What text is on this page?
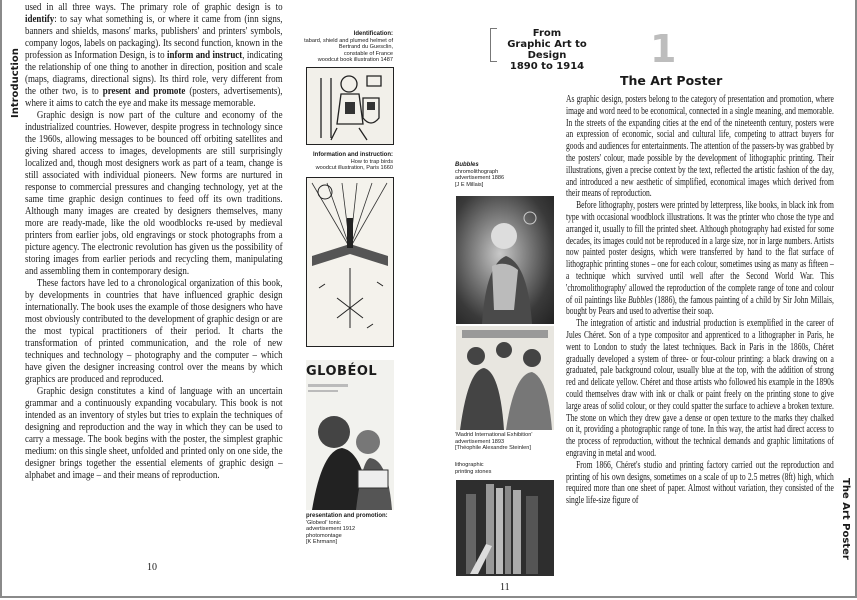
Introduction

used in all three ways. The primary role of graphic design is to identify: to say what something is, or where it came from (inn signs, banners and shields, masons' marks, publishers' and printers' symbols, company logos, labels on packaging). Its second function, known in the profession as Information Design, is to inform and instruct, indicating the relationship of one thing to another in direction, position and scale (maps, diagrams, directional signs). Its third role, very different from the other two, is to present and promote (posters, advertisements), where it aims to catch the eye and make its message memorable.

Graphic design is now part of the culture and economy of the industrialized countries. However, despite progress in technology since the 1960s, allowing messages to be bounced off orbiting satellites and giving shared access to images, developments are still surprisingly localized and, though most designers work as part of a team, change is still associated with individual pioneers. New forms are nurtured in response to commercial pressures and changing technology, yet at the same time graphic design continues to feed off its own traditions. Although many images are created by designers themselves, many more are ready-made, like the old woodblocks re-used by medieval printers from earlier jobs, old engravings or stock photographs from a picture agency. The electronic revolution has given us the possibility of storing images from earlier periods and recycling them, manipulating and assembling them in contemporary design.

These factors have led to a chronological organization of this book, by developments in countries that have influenced graphic design internationally. The book uses the example of those designers who have most obviously contributed to the development of graphic design or are the most typical practitioners of their period. It charts the transformation of printed communication, and the role of new techniques and technology – photography and the computer – which have given the designer increasing control over the means by which graphics are produced and reproduced.

Graphic design constitutes a kind of language with an uncertain grammar and a continuously expanding vocabulary. This book is not intended as an inventory of styles but tries to explain the techniques of designing and reproduction and the way in which they can be used to carry a message. The book begins with the poster, the simplest graphic medium: on this single sheet, unfolded and printed only on one side, the designer brings together the essential elements of graphic design – alphabet and image – and their means of reproduction.

10
Identification:
tabard, shield and plumed helmet of
Bertrand du Guesclin,
constable of France
woodcut book illustration 1487
Information and instruction:
How to trap birds
woodcut illustration, Paris 1660
GLOBÉOL
presentation and promotion:
'Globeol' tonic
advertisement 1912
photomontage
[K Ehrmann]
From
Graphic Art to Design
1890 to 1914	1
The Art Poster
Bubbles
chromolithograph
advertisement 1886
[J E Millais]
'Madrid International Exhibition'
advertisement 1893
[Théophile Alexandre Steinlen]
lithographic
printing stones

As graphic design, posters belong to the category of presentation and promotion, where image and word need to be economical, connected in a single meaning, and memorable. In the streets of the expanding cities at the end of the nineteenth century, posters were an expression of economic, social and cultural life, competing to attract buyers for goods and audiences for entertainments. The attention of the passers-by was grabbed by the posters' colour, made possible by the development of lithographic printing. Their illustrations, given a precise context by the text, reflected the artistic fashion of the day, and introduced a new aesthetic of simplified, economical images which derived from their means of reproduction.

Before lithography, posters were printed by letterpress, like books, in black ink from type with occasional woodblock illustrations. It was the printer who chose the type and arranged it, usually to fill the printed sheet. Although photography had existed for some decades, its images could not be reproduced in a large size, nor in large numbers. Artists now painted poster designs, which were transferred by hand to the flat surface of lithographic printing stones – one for each colour, sometimes using as many as fifteen – a technique which survived until well after the Second World War. This 'chromolithography' allowed the reproduction of the complete range of tone and colour of oil paintings like Bubbles (1886), the famous painting of a child by Sir John Millais, bought by Pears and used to advertise their soap.

The integration of artistic and industrial production is exemplified in the career of Jules Chéret. Son of a type compositor and apprenticed to a lithographer in Paris, he went to London to study the latest techniques. Back in Paris in the 1860s, Chéret gradually developed a system of three- or four-colour printing: a black drawing on a graduated, pale background colour, usually blue at the top, with the addition of strong red and delicate yellow. Chéret and those artists who followed his example in the 1890s could themselves draw with ink or chalk or paint freely on the printing stone to give large areas of solid colour, or they could spatter the surface to achieve a broken texture. The stone on which they drew gave a dense or open texture to the marks they chalked on it, providing a photographic range of tone. In this way, the artist had direct access to the process of reproduction, without the technical demands and graphic limitations of engraving in metal and wood.

From 1866, Chéret's studio and printing factory carried out the reproduction and printing of his own designs, sometimes on a scale of up to 2.5 metres (8ft) high, which required more than one sheet of paper. Almost without variation, they consisted of the single life-size figure of

11
The Art Poster
